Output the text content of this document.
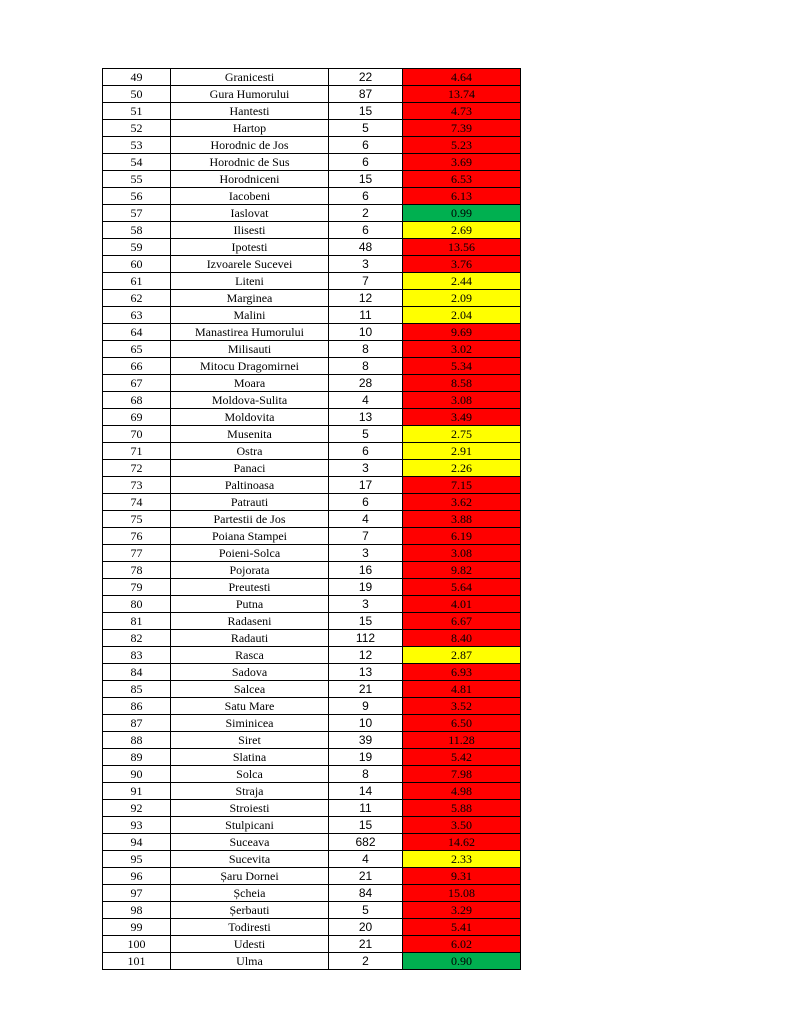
49	Granicesti	22	4.64
50	Gura Humorului	87	13.74
51	Hantesti	15	4.73
52	Hartop	5	7.39
53	Horodnic de Jos	6	5.23
54	Horodnic de Sus	6	3.69
55	Horodniceni	15	6.53
56	Iacobeni	6	6.13
57	Iaslovat	2	0.99
58	Ilisesti	6	2.69
59	Ipotesti	48	13.56
60	Izvoarele Sucevei	3	3.76
61	Liteni	7	2.44
62	Marginea	12	2.09
63	Malini	11	2.04
64	Manastirea Humorului	10	9.69
65	Milisauti	8	3.02
66	Mitocu Dragomirnei	8	5.34
67	Moara	28	8.58
68	Moldova-Sulita	4	3.08
69	Moldovita	13	3.49
70	Musenita	5	2.75
71	Ostra	6	2.91
72	Panaci	3	2.26
73	Paltinoasa	17	7.15
74	Patrauti	6	3.62
75	Partestii de Jos	4	3.88
76	Poiana Stampei	7	6.19
77	Poieni-Solca	3	3.08
78	Pojorata	16	9.82
79	Preutesti	19	5.64
80	Putna	3	4.01
81	Radaseni	15	6.67
82	Radauti	112	8.40
83	Rasca	12	2.87
84	Sadova	13	6.93
85	Salcea	21	4.81
86	Satu Mare	9	3.52
87	Siminicea	10	6.50
88	Siret	39	11.28
89	Slatina	19	5.42
90	Solca	8	7.98
91	Straja	14	4.98
92	Stroiesti	11	5.88
93	Stulpicani	15	3.50
94	Suceava	682	14.62
95	Sucevita	4	2.33
96	Șaru Dornei	21	9.31
97	Șcheia	84	15.08
98	Șerbauti	5	3.29
99	Todiresti	20	5.41
100	Udesti	21	6.02
101	Ulma	2	0.90
